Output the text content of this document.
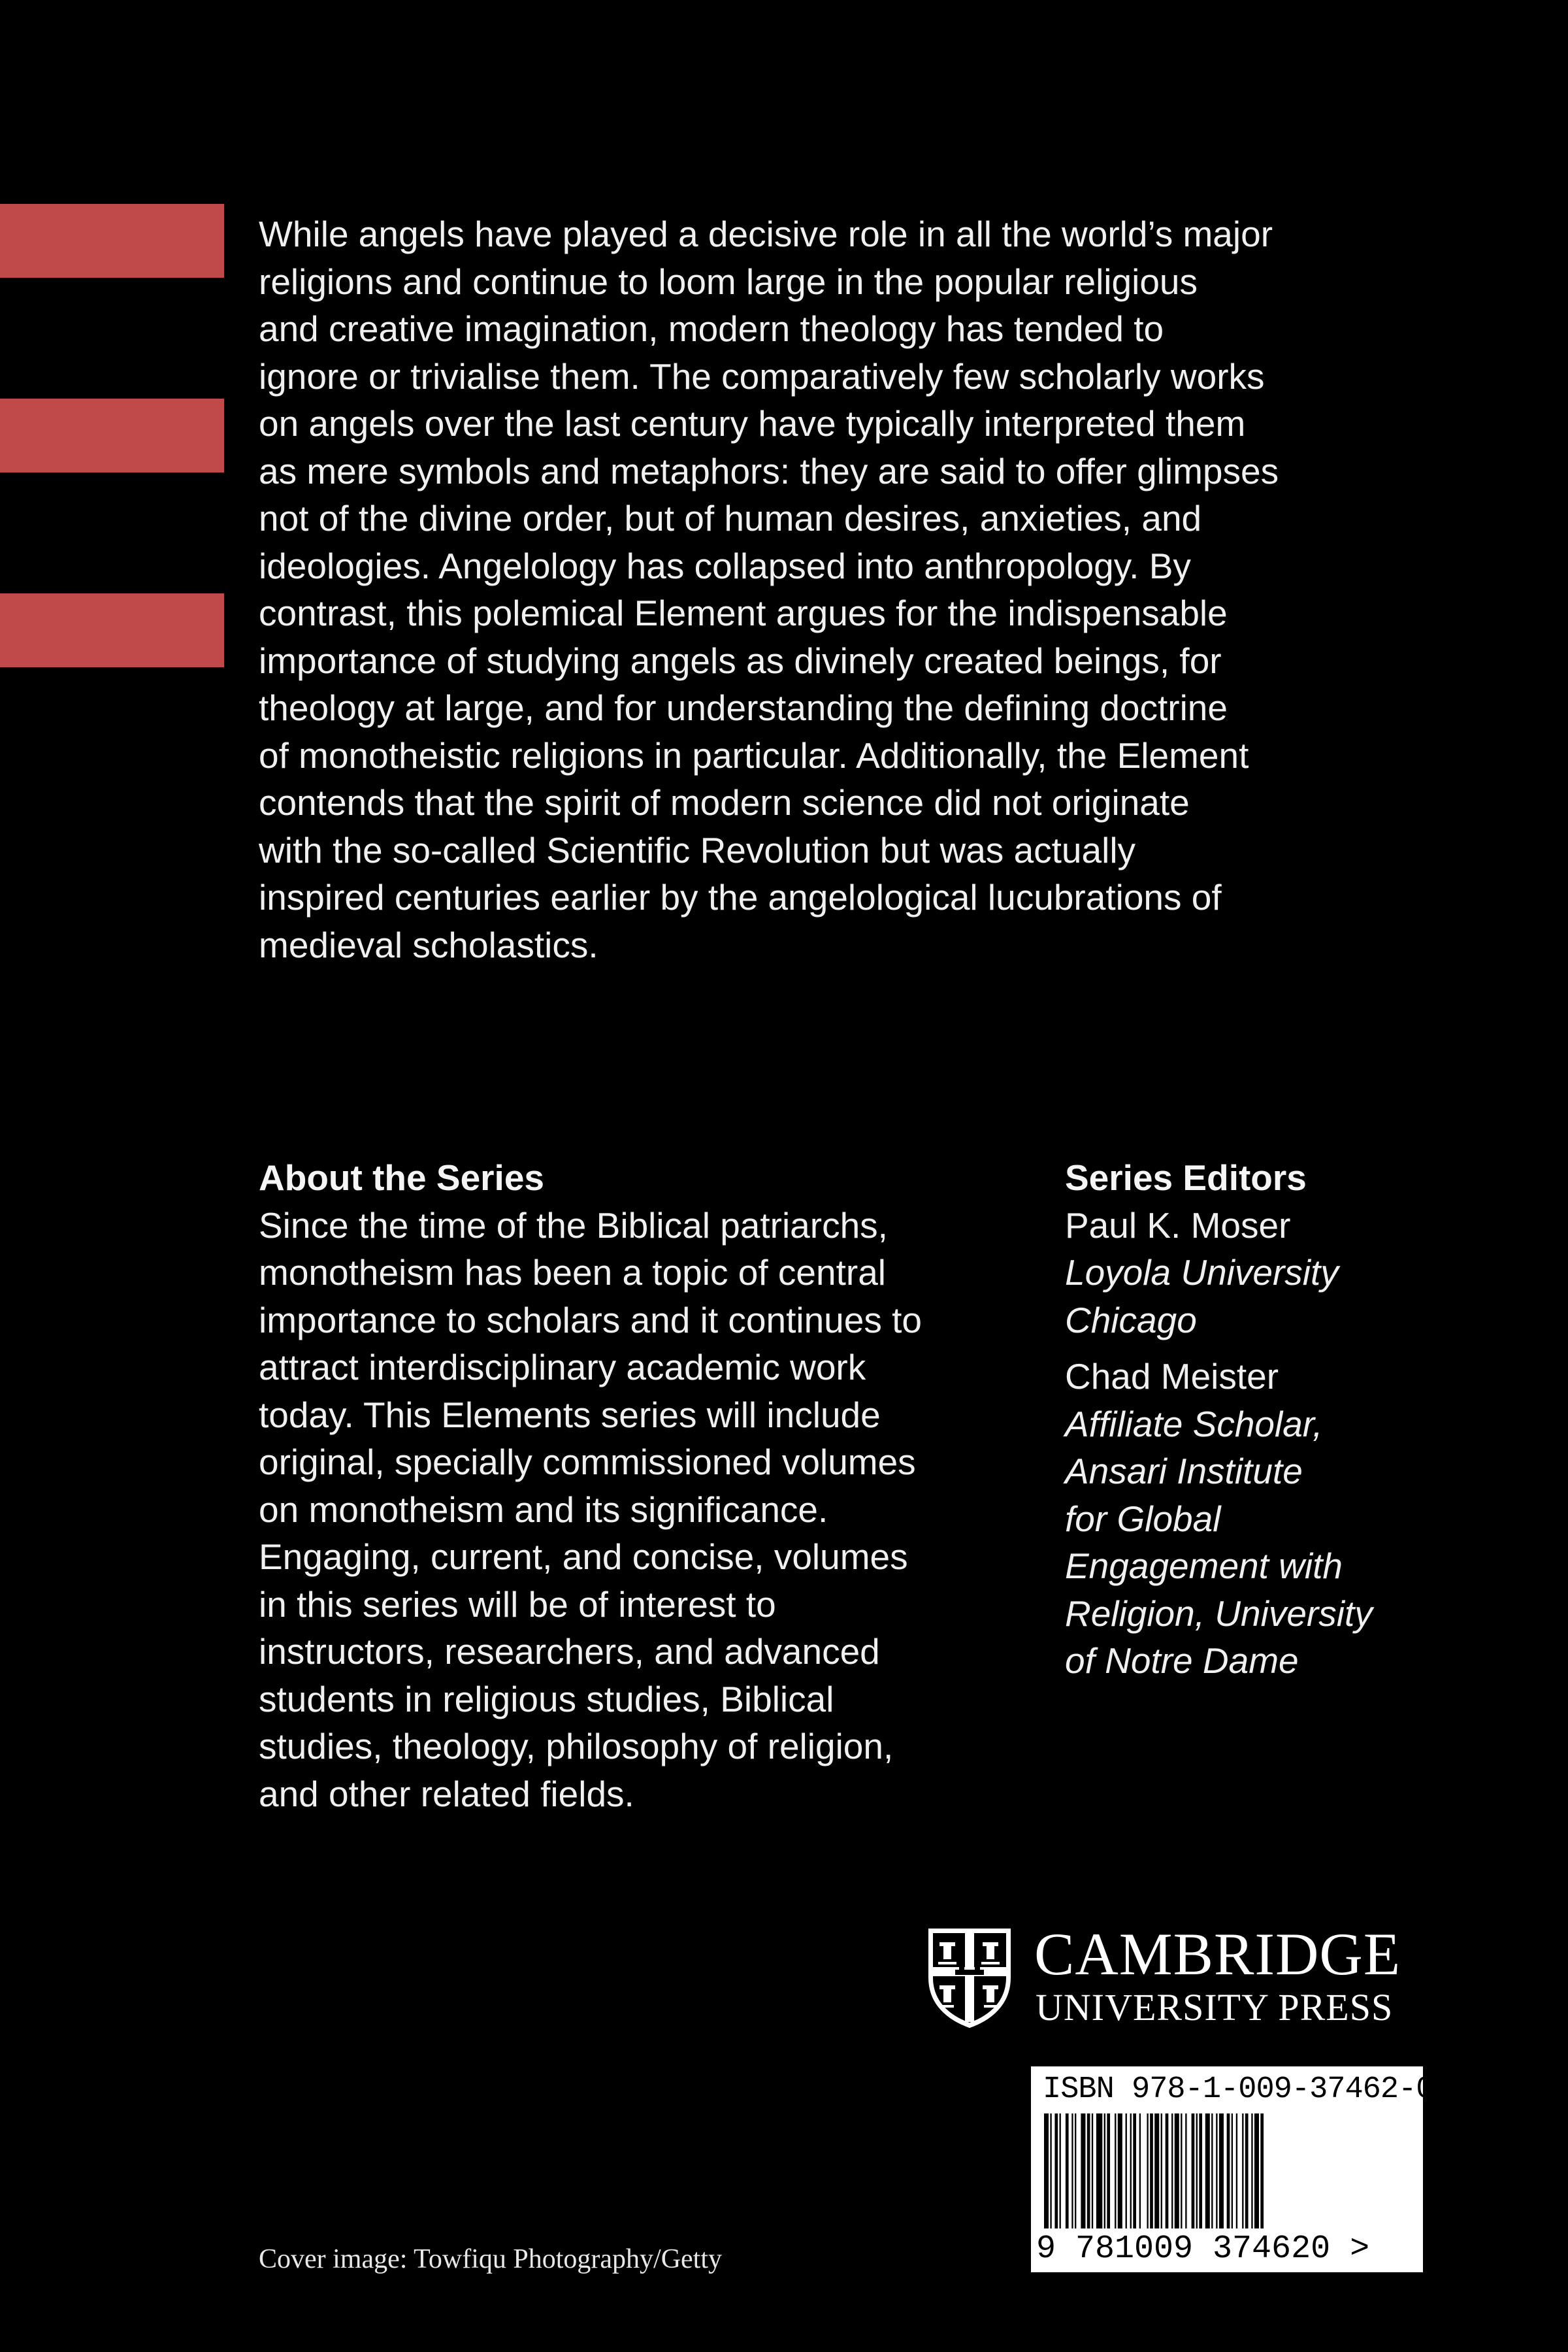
While angels have played a decisive role in all the world’s major
religions and continue to loom large in the popular religious
and creative imagination, modern theology has tended to
ignore or trivialise them. The comparatively few scholarly works
on angels over the last century have typically interpreted them
as mere symbols and metaphors: they are said to offer glimpses
not of the divine order, but of human desires, anxieties, and
ideologies. Angelology has collapsed into anthropology. By
contrast, this polemical Element argues for the indispensable
importance of studying angels as divinely created beings, for
theology at large, and for understanding the defining doctrine
of monotheistic religions in particular. Additionally, the Element
contends that the spirit of modern science did not originate
with the so-called Scientific Revolution but was actually
inspired centuries earlier by the angelological lucubrations of
medieval scholastics.

About the Series

Since the time of the Biblical patriarchs,
monotheism has been a topic of central
importance to scholars and it continues to
attract interdisciplinary academic work
today. This Elements series will include
original, specially commissioned volumes
on monotheism and its significance.
Engaging, current, and concise, volumes
in this series will be of interest to
instructors, researchers, and advanced
students in religious studies, Biblical
studies, theology, philosophy of religion,
and other related fields.

Series Editors

Paul K. Moser

Loyola University
Chicago

Chad Meister

Affiliate Scholar,
Ansari Institute
for Global
Engagement with
Religion, University
of Notre Dame

CAMBRIDGE
UNIVERSITY PRESS
ISBN 978-1-009-37462-0
9 781009 374620 >
Cover image: Towfiqu Photography/Getty
